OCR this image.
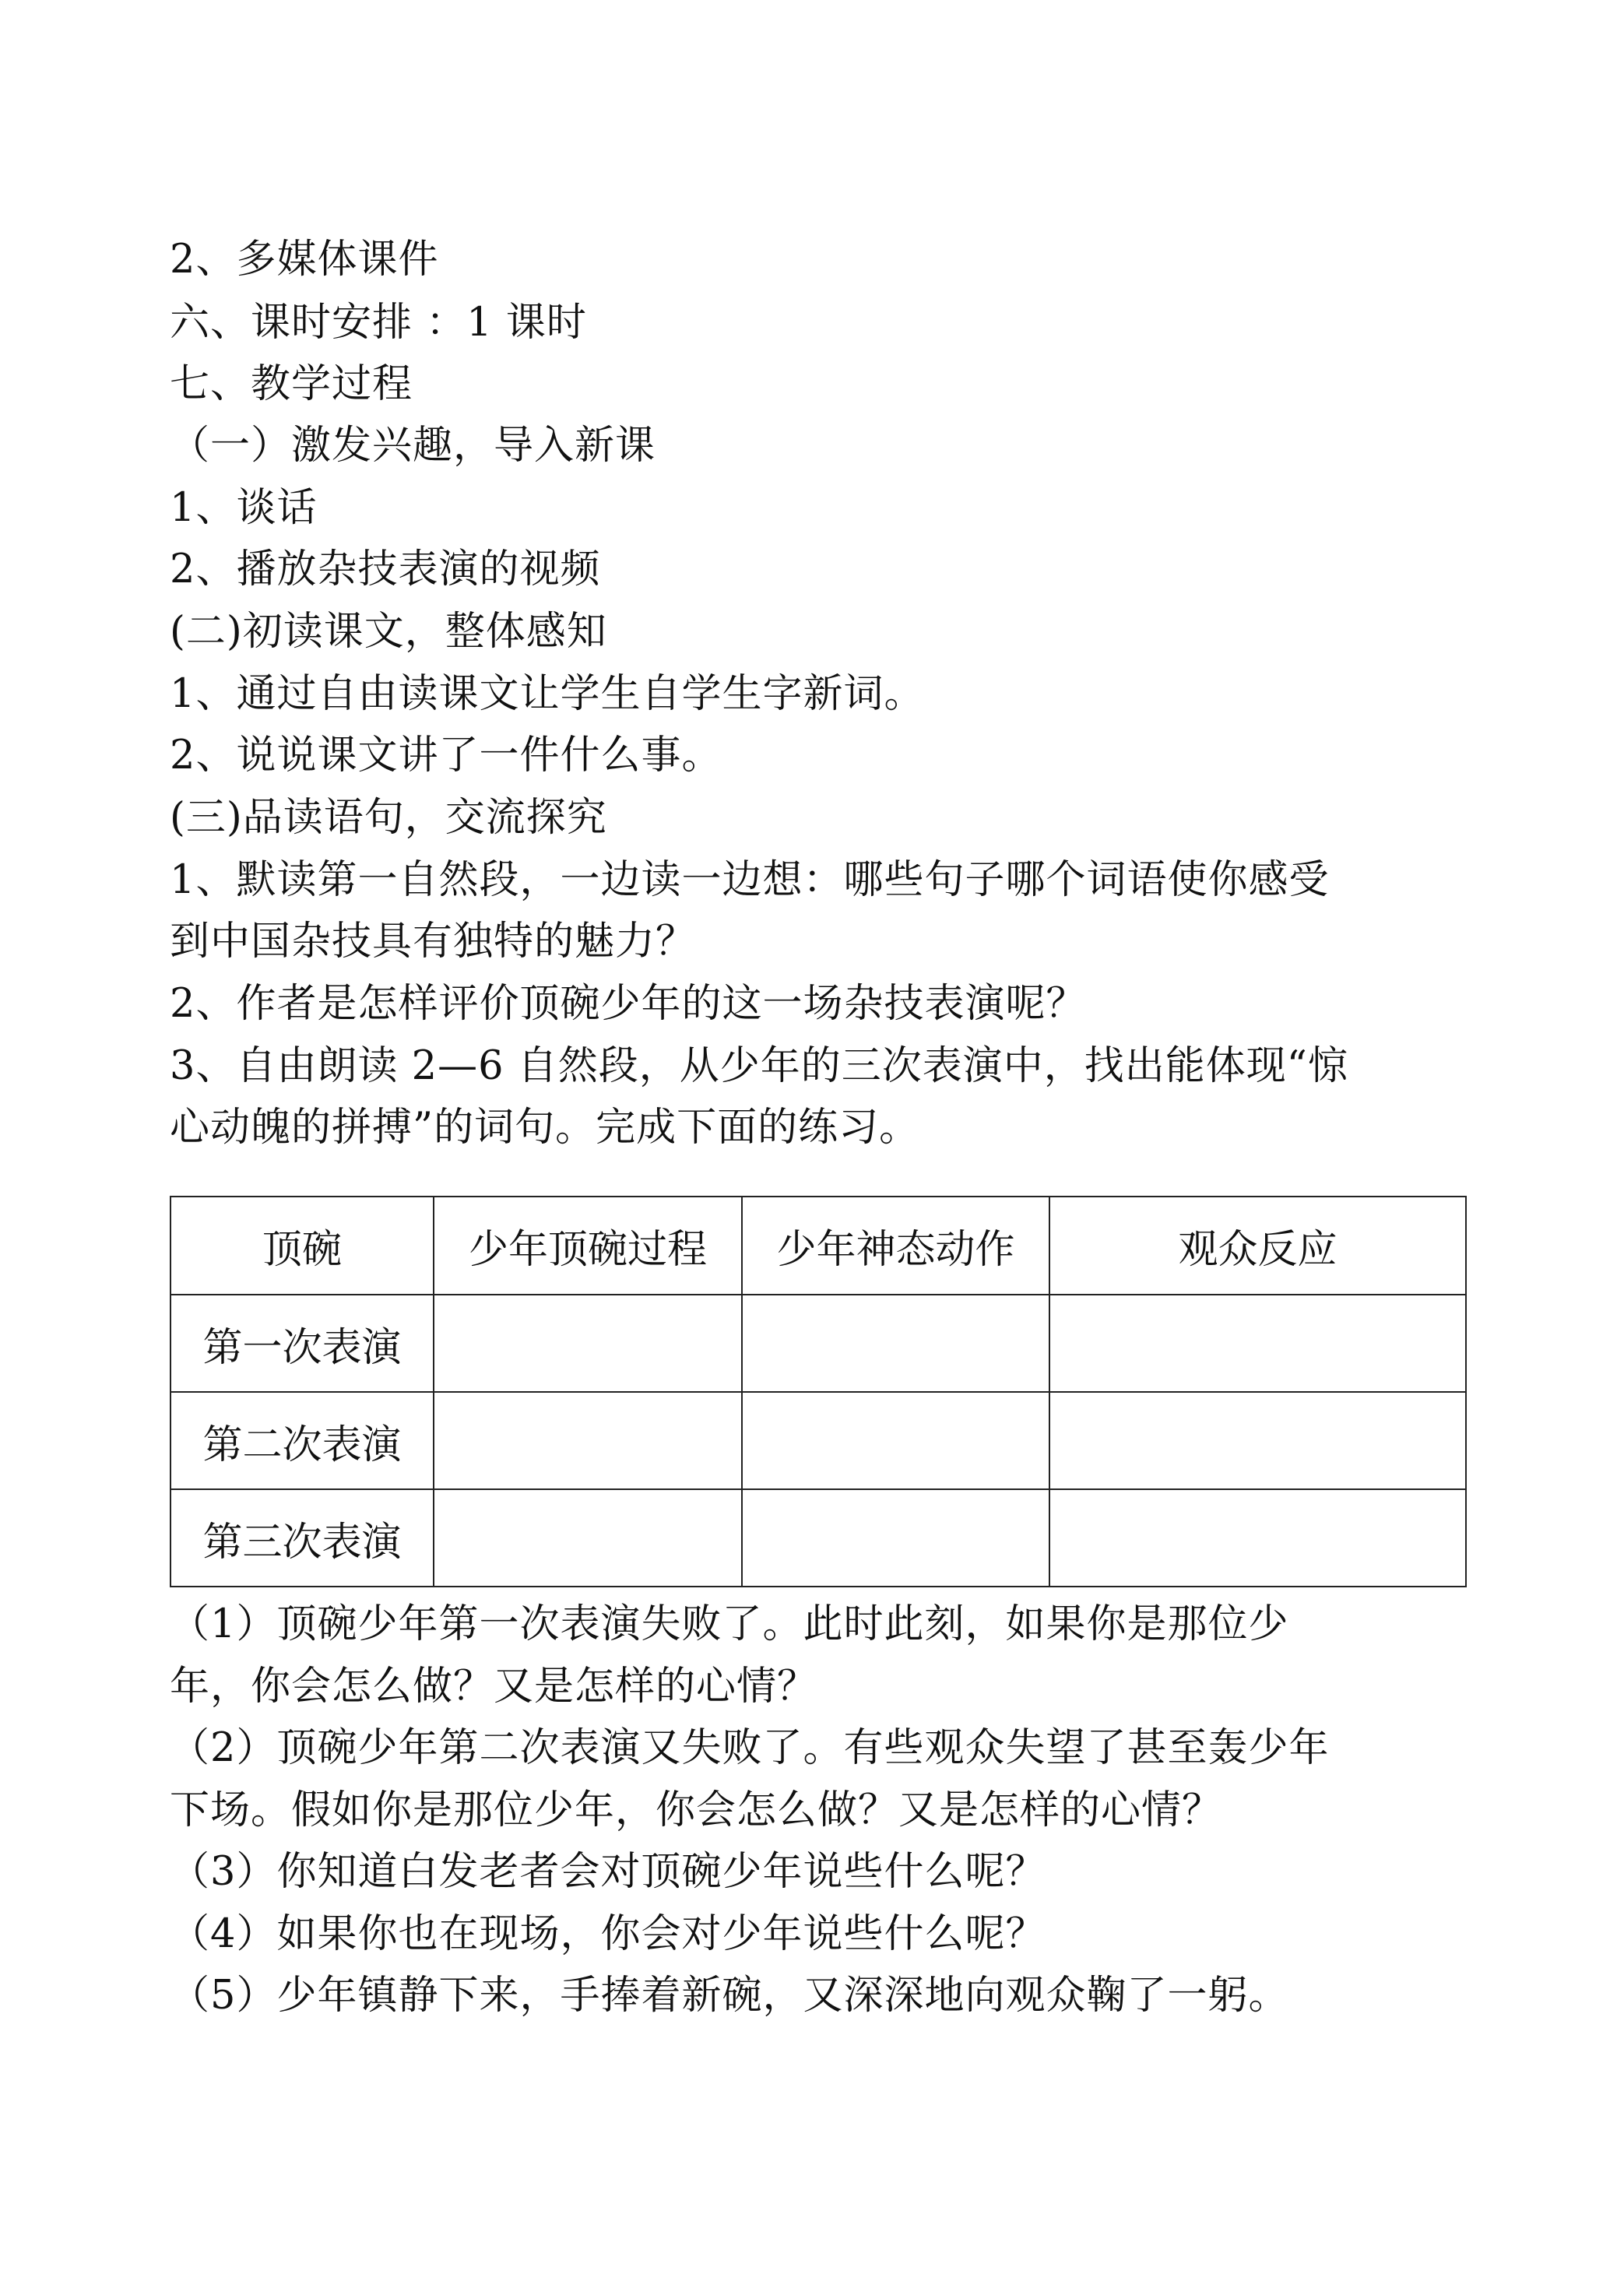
2、多媒体课件
六、课时安排 ：1 课时
七、教学过程
（一）激发兴趣，导入新课
1、谈话
2、播放杂技表演的视频
(二)初读课文，整体感知
1、通过自由读课文让学生自学生字新词。
2、说说课文讲了一件什么事。
(三)品读语句，交流探究
1、默读第一自然段，一边读一边想：哪些句子哪个词语使你感受
到中国杂技具有独特的魅力？
2、作者是怎样评价顶碗少年的这一场杂技表演呢？
3、自由朗读 2—6 自然段，从少年的三次表演中，找出能体现“惊
心动魄的拼搏”的词句。完成下面的练习。
顶碗	少年顶碗过程	少年神态动作	观众反应
第一次表演			
第二次表演			
第三次表演			
（1）顶碗少年第一次表演失败了。此时此刻，如果你是那位少
年，你会怎么做？又是怎样的心情？
（2）顶碗少年第二次表演又失败了。有些观众失望了甚至轰少年
下场。假如你是那位少年，你会怎么做？又是怎样的心情？
（3）你知道白发老者会对顶碗少年说些什么呢？
（4）如果你也在现场，你会对少年说些什么呢？
（5）少年镇静下来，手捧着新碗，又深深地向观众鞠了一躬。
